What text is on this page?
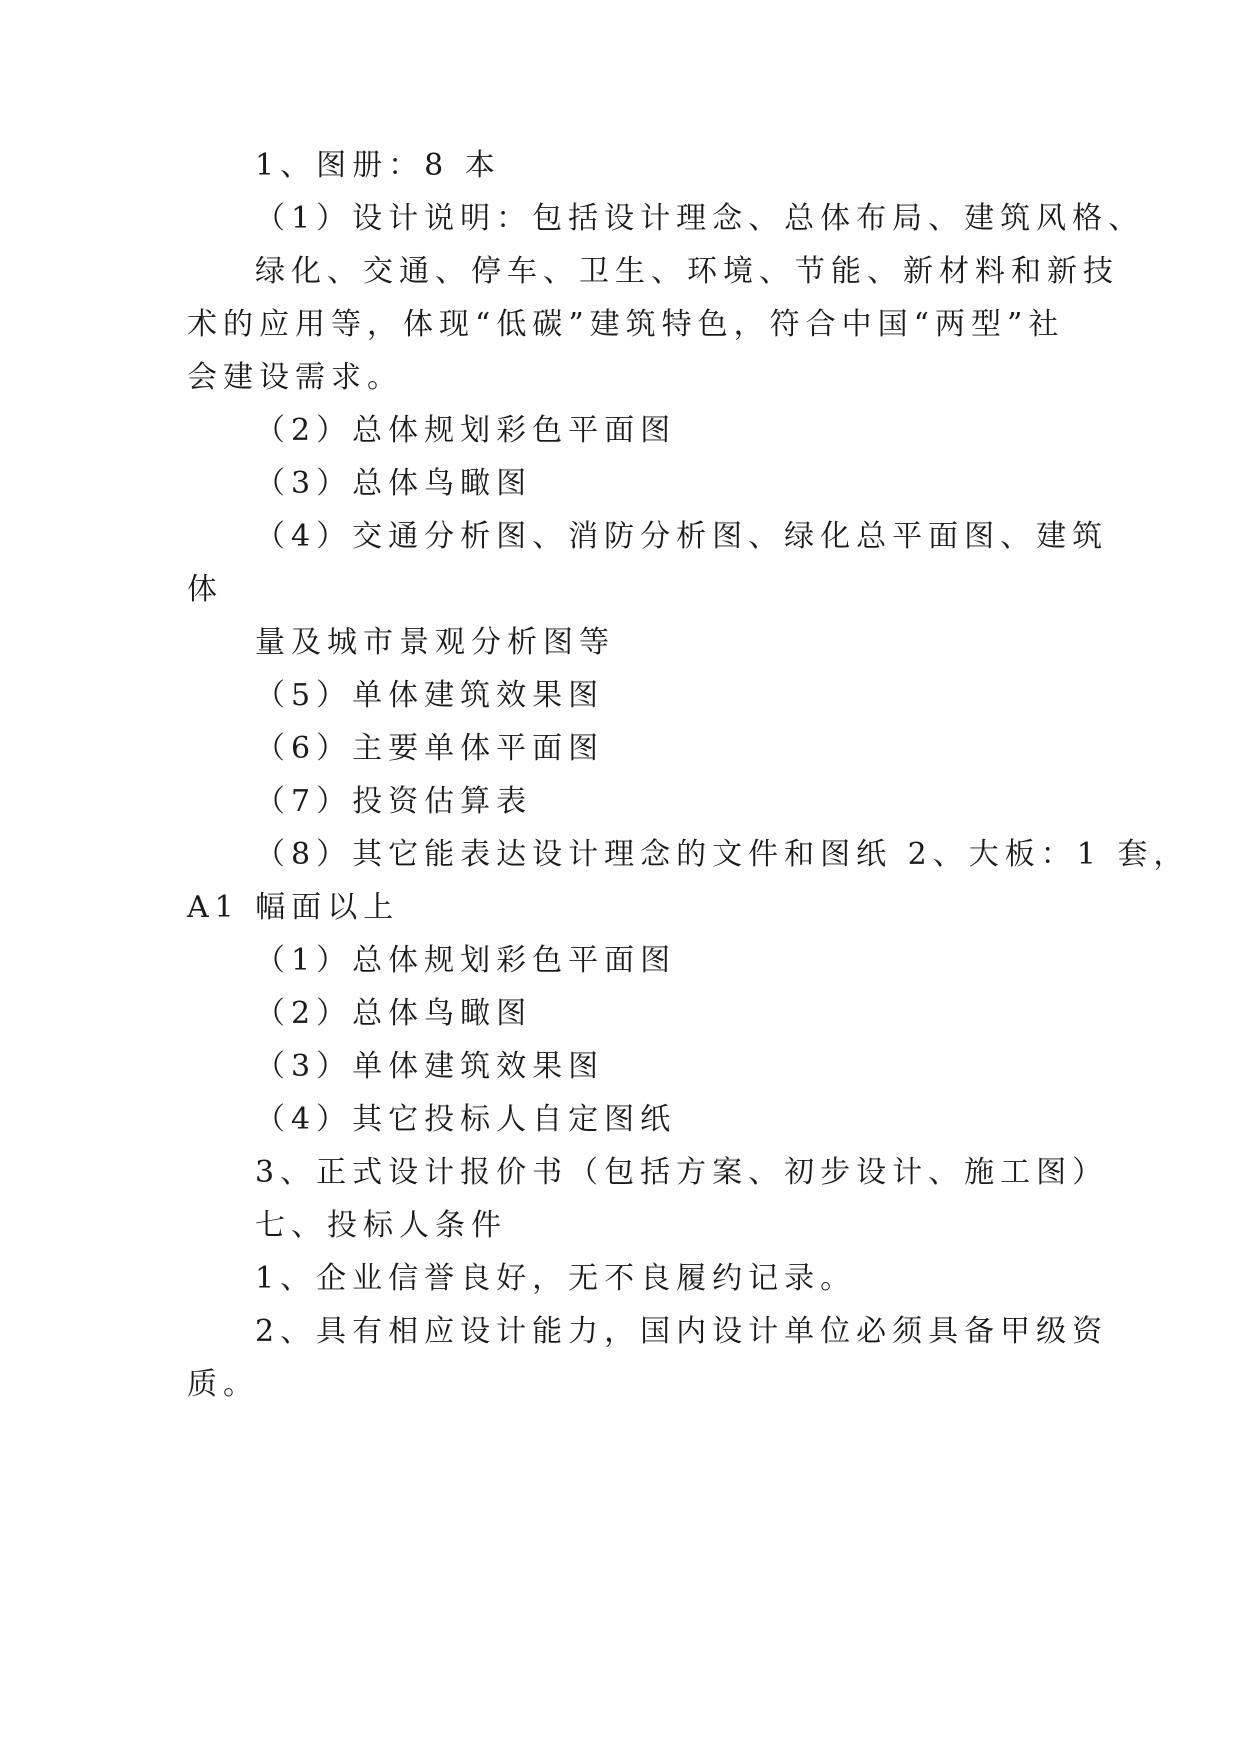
1、图册：8 本
（1）设计说明：包括设计理念、总体布局、建筑风格、
绿化、交通、停车、卫生、环境、节能、新材料和新技
术的应用等，体现“低碳”建筑特色，符合中国“两型”社
会建设需求。
（2）总体规划彩色平面图
（3）总体鸟瞰图
（4）交通分析图、消防分析图、绿化总平面图、建筑
体
量及城市景观分析图等
（5）单体建筑效果图
（6）主要单体平面图
（7）投资估算表
（8）其它能表达设计理念的文件和图纸 2、大板：1 套，
A1 幅面以上
（1）总体规划彩色平面图
（2）总体鸟瞰图
（3）单体建筑效果图
（4）其它投标人自定图纸
3、正式设计报价书（包括方案、初步设计、施工图）
七、投标人条件
1、企业信誉良好，无不良履约记录。
2、具有相应设计能力，国内设计单位必须具备甲级资
质。
